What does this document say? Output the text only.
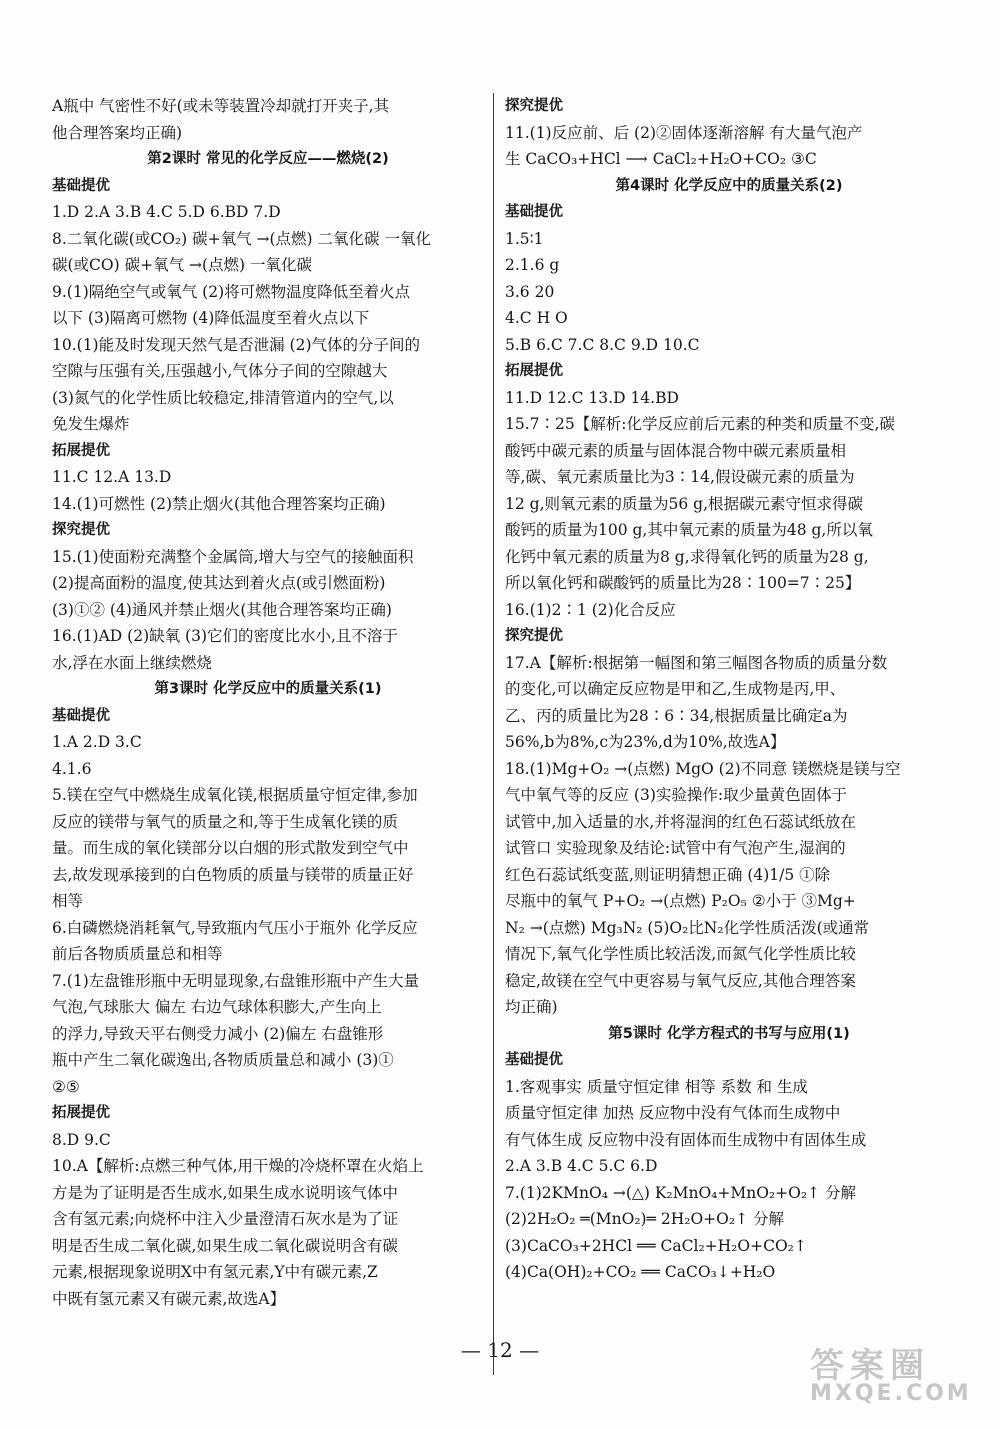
A瓶中 气密性不好(或未等装置冷却就打开夹子,其
他合理答案均正确)
第2课时 常见的化学反应——燃烧(2)
基础提优
1.D 2.A 3.B 4.C 5.D 6.BD 7.D
8.二氧化碳(或CO₂) 碳+氧气 →(点燃) 二氧化碳 一氧化
碳(或CO) 碳+氧气 →(点燃) 一氧化碳
9.(1)隔绝空气或氧气 (2)将可燃物温度降低至着火点
以下 (3)隔离可燃物 (4)降低温度至着火点以下
10.(1)能及时发现天然气是否泄漏 (2)气体的分子间的
空隙与压强有关,压强越小,气体分子间的空隙越大
(3)氮气的化学性质比较稳定,排清管道内的空气,以
免发生爆炸
拓展提优
11.C 12.A 13.D
14.(1)可燃性 (2)禁止烟火(其他合理答案均正确)
探究提优
15.(1)使面粉充满整个金属筒,增大与空气的接触面积
(2)提高面粉的温度,使其达到着火点(或引燃面粉)
(3)①② (4)通风并禁止烟火(其他合理答案均正确)
16.(1)AD (2)缺氧 (3)它们的密度比水小,且不溶于
水,浮在水面上继续燃烧
第3课时 化学反应中的质量关系(1)
基础提优
1.A 2.D 3.C
4.1.6
5.镁在空气中燃烧生成氧化镁,根据质量守恒定律,参加
反应的镁带与氧气的质量之和,等于生成氧化镁的质
量。而生成的氧化镁部分以白烟的形式散发到空气中
去,故发现承接到的白色物质的质量与镁带的质量正好
相等
6.白磷燃烧消耗氧气,导致瓶内气压小于瓶外 化学反应
前后各物质质量总和相等
7.(1)左盘锥形瓶中无明显现象,右盘锥形瓶中产生大量
气泡,气球胀大 偏左 右边气球体积膨大,产生向上
的浮力,导致天平右侧受力减小 (2)偏左 右盘锥形
瓶中产生二氧化碳逸出,各物质质量总和减小 (3)①
②⑤
拓展提优
8.D 9.C
10.A【解析:点燃三种气体,用干燥的冷烧杯罩在火焰上
方是为了证明是否生成水,如果生成水说明该气体中
含有氢元素;向烧杯中注入少量澄清石灰水是为了证
明是否生成二氧化碳,如果生成二氧化碳说明含有碳
元素,根据现象说明X中有氢元素,Y中有碳元素,Z
中既有氢元素又有碳元素,故选A】
探究提优
11.(1)反应前、后 (2)②固体逐渐溶解 有大量气泡产
生 CaCO₃+HCl ⟶ CaCl₂+H₂O+CO₂ ③C
第4课时 化学反应中的质量关系(2)
基础提优
1.5∶1
2.1.6 g
3.6 20
4.C H O
5.B 6.C 7.C 8.C 9.D 10.C
拓展提优
11.D 12.C 13.D 14.BD
15.7∶25【解析:化学反应前后元素的种类和质量不变,碳
酸钙中碳元素的质量与固体混合物中碳元素质量相
等,碳、氧元素质量比为3∶14,假设碳元素的质量为
12 g,则氧元素的质量为56 g,根据碳元素守恒求得碳
酸钙的质量为100 g,其中氧元素的质量为48 g,所以氧
化钙中氧元素的质量为8 g,求得氧化钙的质量为28 g,
所以氧化钙和碳酸钙的质量比为28∶100=7∶25】
16.(1)2∶1 (2)化合反应
探究提优
17.A【解析:根据第一幅图和第三幅图各物质的质量分数
的变化,可以确定反应物是甲和乙,生成物是丙,甲、
乙、丙的质量比为28∶6∶34,根据质量比确定a为
56%,b为8%,c为23%,d为10%,故选A】
18.(1)Mg+O₂ →(点燃) MgO (2)不同意 镁燃烧是镁与空
气中氧气等的反应 (3)实验操作:取少量黄色固体于
试管中,加入适量的水,并将湿润的红色石蕊试纸放在
试管口 实验现象及结论:试管中有气泡产生,湿润的
红色石蕊试纸变蓝,则证明猜想正确 (4)1/5 ①除
尽瓶中的氧气 P+O₂ →(点燃) P₂O₅ ②小于 ③Mg+
N₂ →(点燃) Mg₃N₂ (5)O₂比N₂化学性质活泼(或通常
情况下,氧气化学性质比较活泼,而氮气化学性质比较
稳定,故镁在空气中更容易与氧气反应,其他合理答案
均正确)
第5课时 化学方程式的书写与应用(1)
基础提优
1.客观事实 质量守恒定律 相等 系数 和 生成
质量守恒定律 加热 反应物中没有气体而生成物中
有气体生成 反应物中没有固体而生成物中有固体生成
2.A 3.B 4.C 5.C 6.D
7.(1)2KMnO₄ →(△) K₂MnO₄+MnO₂+O₂↑ 分解
(2)2H₂O₂ ═(MnO₂)═ 2H₂O+O₂↑ 分解
(3)CaCO₃+2HCl ══ CaCl₂+H₂O+CO₂↑
(4)Ca(OH)₂+CO₂ ══ CaCO₃↓+H₂O
— 12 —	答案圈
MXQE.COM
